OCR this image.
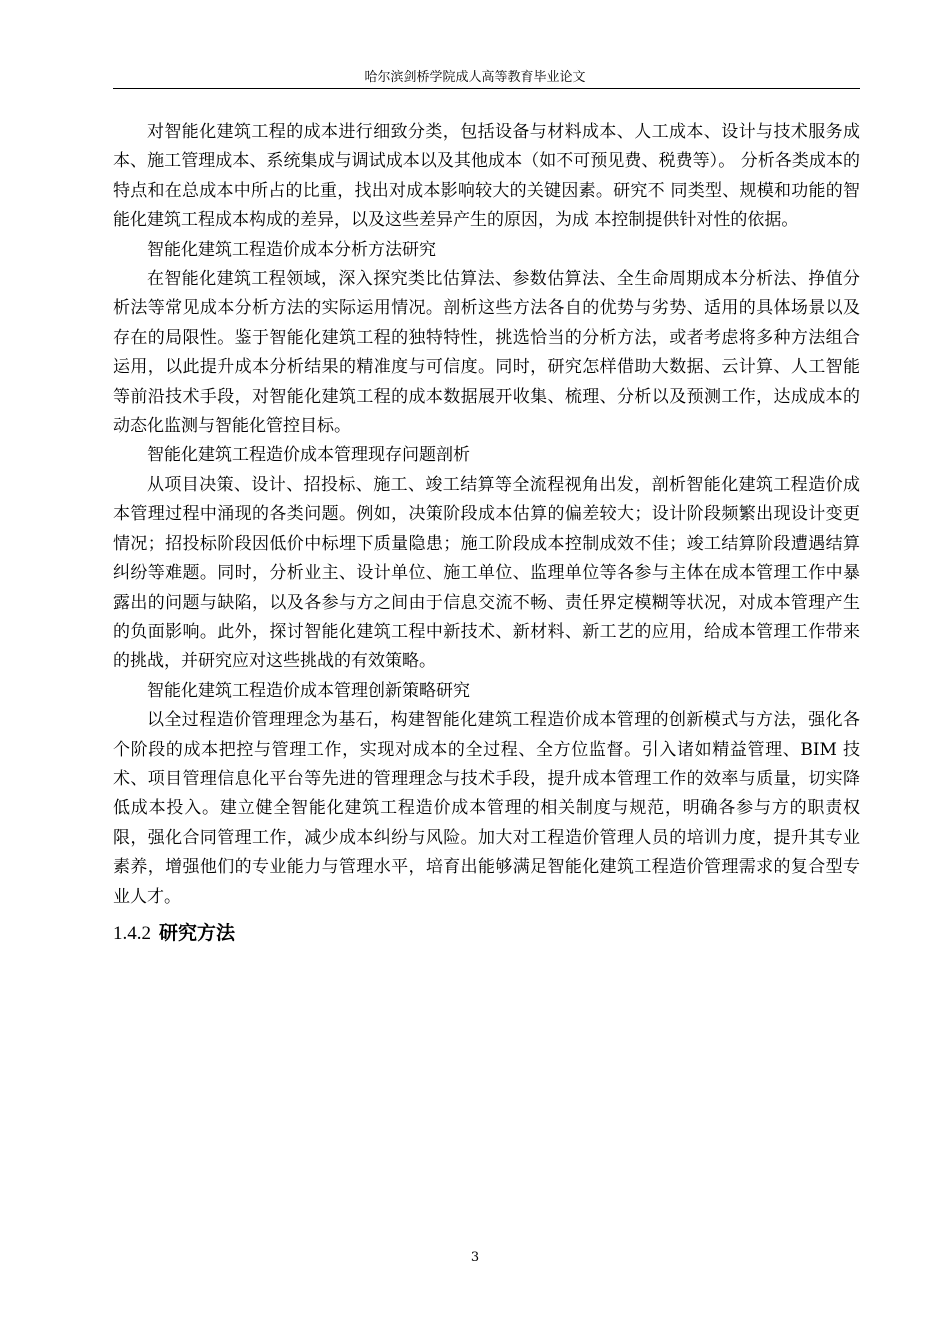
哈尔滨剑桥学院成人高等教育毕业论文

对智能化建筑工程的成本进行细致分类，包括设备与材料成本、人工成本、设计与技术服务成本、施工管理成本、系统集成与调试成本以及其他成本（如不可预见费、税费等）。 分析各类成本的特点和在总成本中所占的比重，找出对成本影响较大的关键因素。研究不 同类型、规模和功能的智能化建筑工程成本构成的差异，以及这些差异产生的原因，为成 本控制提供针对性的依据。

智能化建筑工程造价成本分析方法研究

在智能化建筑工程领域，深入探究类比估算法、参数估算法、全生命周期成本分析法、挣值分析法等常见成本分析方法的实际运用情况。剖析这些方法各自的优势与劣势、适用的具体场景以及存在的局限性。鉴于智能化建筑工程的独特特性，挑选恰当的分析方法，或者考虑将多种方法组合运用，以此提升成本分析结果的精准度与可信度。同时，研究怎样借助大数据、云计算、人工智能等前沿技术手段，对智能化建筑工程的成本数据展开收集、梳理、分析以及预测工作，达成成本的动态化监测与智能化管控目标。

智能化建筑工程造价成本管理现存问题剖析

从项目决策、设计、招投标、施工、竣工结算等全流程视角出发，剖析智能化建筑工程造价成本管理过程中涌现的各类问题。例如，决策阶段成本估算的偏差较大；设计阶段频繁出现设计变更情况；招投标阶段因低价中标埋下质量隐患；施工阶段成本控制成效不佳；竣工结算阶段遭遇结算纠纷等难题。同时，分析业主、设计单位、施工单位、监理单位等各参与主体在成本管理工作中暴露出的问题与缺陷，以及各参与方之间由于信息交流不畅、责任界定模糊等状况，对成本管理产生的负面影响。此外，探讨智能化建筑工程中新技术、新材料、新工艺的应用，给成本管理工作带来的挑战，并研究应对这些挑战的有效策略。

智能化建筑工程造价成本管理创新策略研究

以全过程造价管理理念为基石，构建智能化建筑工程造价成本管理的创新模式与方法，强化各个阶段的成本把控与管理工作，实现对成本的全过程、全方位监督。引入诸如精益管理、BIM 技术、项目管理信息化平台等先进的管理理念与技术手段，提升成本管理工作的效率与质量，切实降低成本投入。建立健全智能化建筑工程造价成本管理的相关制度与规范，明确各参与方的职责权限，强化合同管理工作，减少成本纠纷与风险。加大对工程造价管理人员的培训力度，提升其专业素养，增强他们的专业能力与管理水平，培育出能够满足智能化建筑工程造价管理需求的复合型专业人才。

1.4.2 研究方法
3
